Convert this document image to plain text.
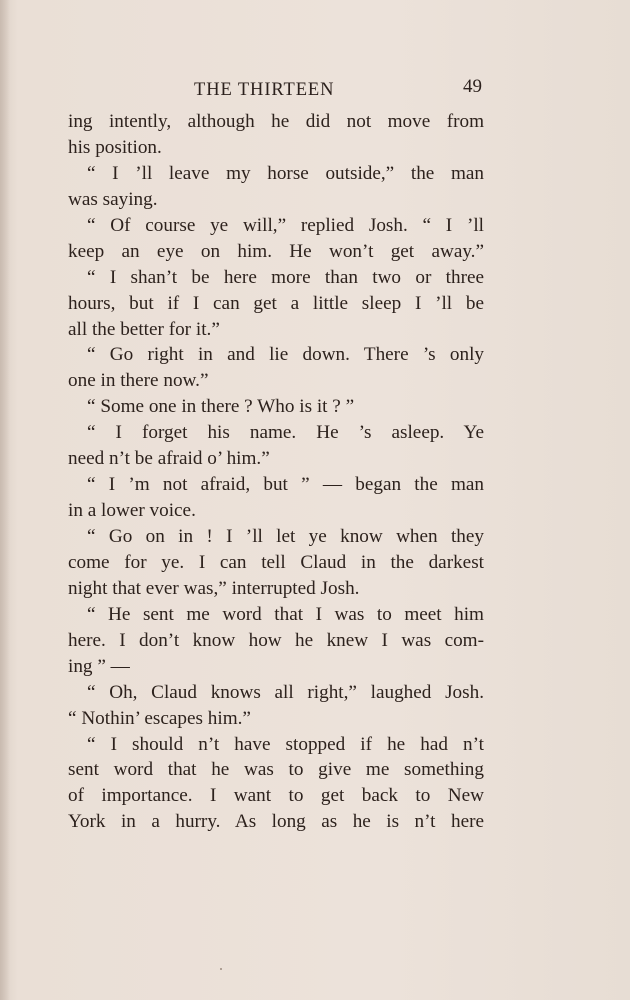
THE THIRTEEN	49
ing intently, although he did not move from
his position.
“ I ’ll leave my horse outside,” the man
was saying.
“ Of course ye will,” replied Josh. “ I ’ll
keep an eye on him. He won’t get away.”
“ I shan’t be here more than two or three
hours, but if I can get a little sleep I ’ll be
all the better for it.”
“ Go right in and lie down. There ’s only
one in there now.”
“ Some one in there ? Who is it ? ”
“ I forget his name. He ’s asleep. Ye
need n’t be afraid o’ him.”
“ I ’m not afraid, but ” — began the man
in a lower voice.
“ Go on in ! I ’ll let ye know when they
come for ye. I can tell Claud in the darkest
night that ever was,” interrupted Josh.
“ He sent me word that I was to meet him
here. I don’t know how he knew I was com-
ing ” —
“ Oh, Claud knows all right,” laughed Josh.
“ Nothin’ escapes him.”
“ I should n’t have stopped if he had n’t
sent word that he was to give me something
of importance. I want to get back to New
York in a hurry. As long as he is n’t here
